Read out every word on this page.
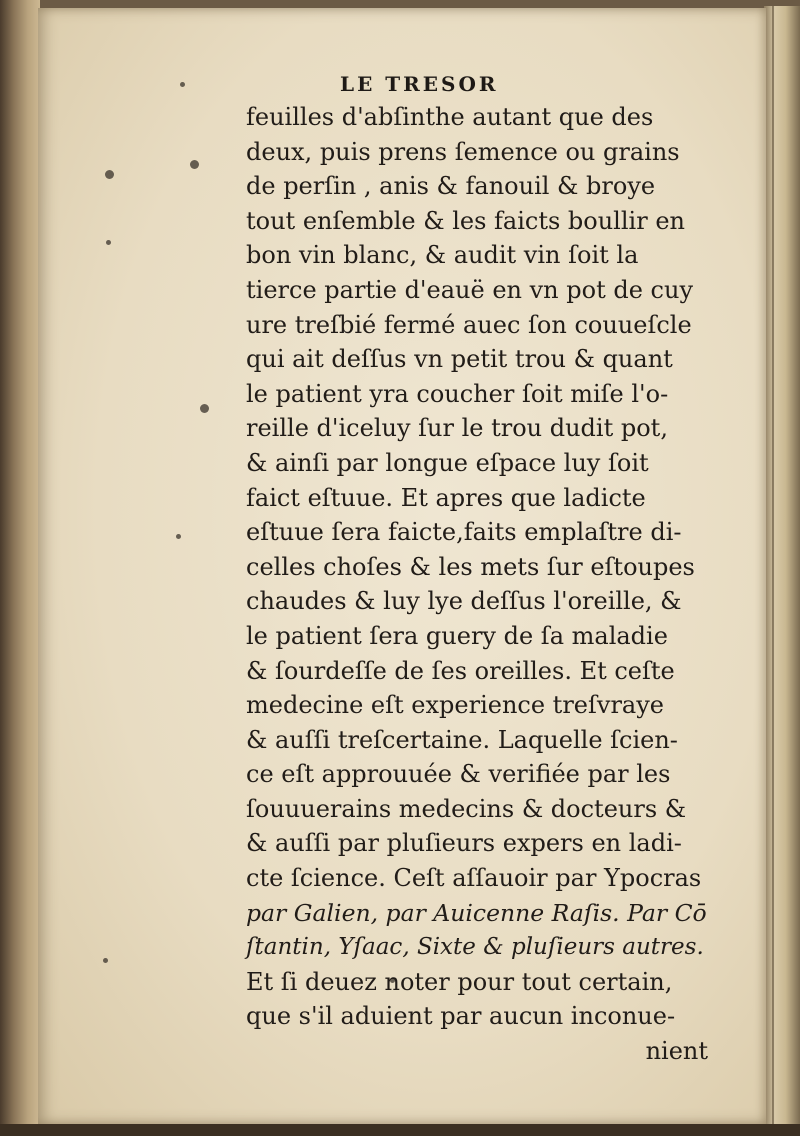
LE TRESOR
feuilles d'abſinthe autant que des
deux, puis prens ſemence ou grains
de perſin , anis & fanouil & broye
tout enſemble & les faicts boullir en
bon vin blanc, & audit vin ſoit la
tierce partie d'eauë en vn pot de cuy
ure treſbié fermé auec ſon couueſcle
qui ait deſſus vn petit trou & quant
le patient yra coucher ſoit miſe l'o-
reille d'iceluy ſur le trou dudit pot,
& ainſi par longue eſpace luy ſoit
faict eſtuue. Et apres que ladicte
eſtuue ſera faicte,faits emplaſtre di-
celles choſes & les mets ſur eſtoupes
chaudes & luy lye deſſus l'oreille, &
le patient ſera guery de ſa maladie
& ſourdeſſe de ſes oreilles. Et ceſte
medecine eſt experience treſvraye
& auſſi treſcertaine. Laquelle ſcien-
ce eſt approuuée & verifiée par les
ſouuuerains medecins & docteurs &
& auſſi par pluſieurs expers en ladi-
cte ſcience. Ceſt aſſauoir par Ypocras
par Galien, par Auicenne Raſis. Par Cō
ſtantin, Yſaac, Sixte & pluſieurs autres.
Et ſi deuez noter pour tout certain,
que s'il aduient par aucun inconue-
nient
